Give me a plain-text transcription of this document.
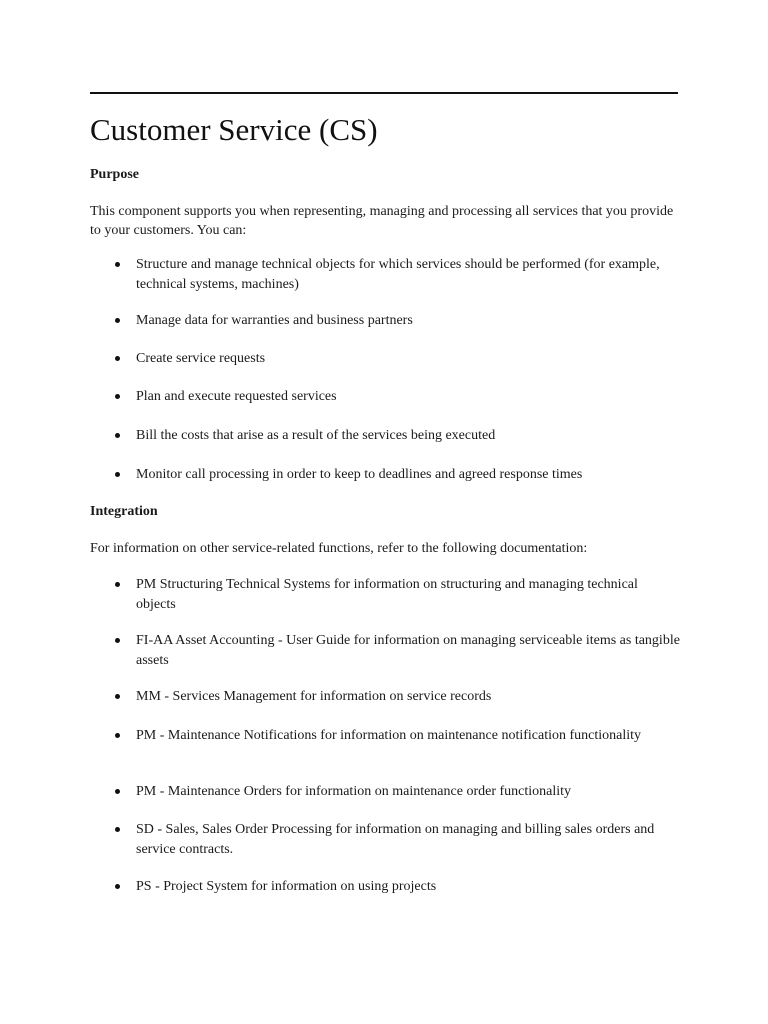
Customer Service (CS)
Purpose

This component supports you when representing, managing and processing all services that you provide to your customers. You can:

Structure and manage technical objects for which services should be performed (for example, technical systems, machines)
Manage data for warranties and business partners
Create service requests
Plan and execute requested services
Bill the costs that arise as a result of the services being executed
Monitor call processing in order to keep to deadlines and agreed response times
Integration

For information on other service-related functions, refer to the following documentation:

PM Structuring Technical Systems for information on structuring and managing technical objects
FI-AA Asset Accounting - User Guide for information on managing serviceable items as tangible assets
MM - Services Management for information on service records
PM - Maintenance Notifications for information on maintenance notification functionality
PM - Maintenance Orders for information on maintenance order functionality
SD - Sales, Sales Order Processing for information on managing and billing sales orders and service contracts.
PS - Project System for information on using projects
